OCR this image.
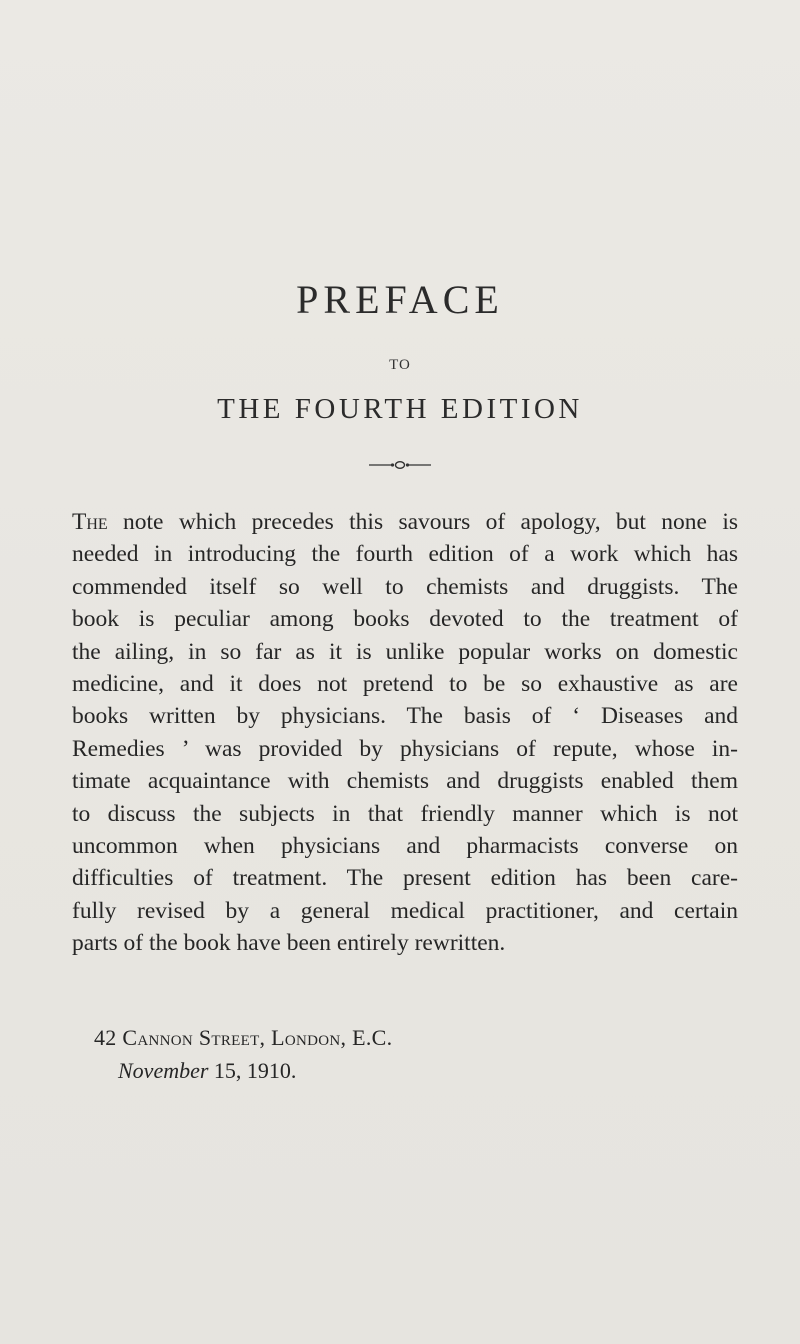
PREFACE
TO
THE FOURTH EDITION
The note which precedes this savours of apology, but none is
needed in introducing the fourth edition of a work which has
commended itself so well to chemists and druggists. The
book is peculiar among books devoted to the treatment of
the ailing, in so far as it is unlike popular works on domestic
medicine, and it does not pretend to be so exhaustive as are
books written by physicians. The basis of ‘ Diseases and
Remedies ’ was provided by physicians of repute, whose in-
timate acquaintance with chemists and druggists enabled them
to discuss the subjects in that friendly manner which is not
uncommon when physicians and pharmacists converse on
difficulties of treatment. The present edition has been care-
fully revised by a general medical practitioner, and certain
parts of the book have been entirely rewritten.
42 Cannon Street, London, E.C.
November 15, 1910.
